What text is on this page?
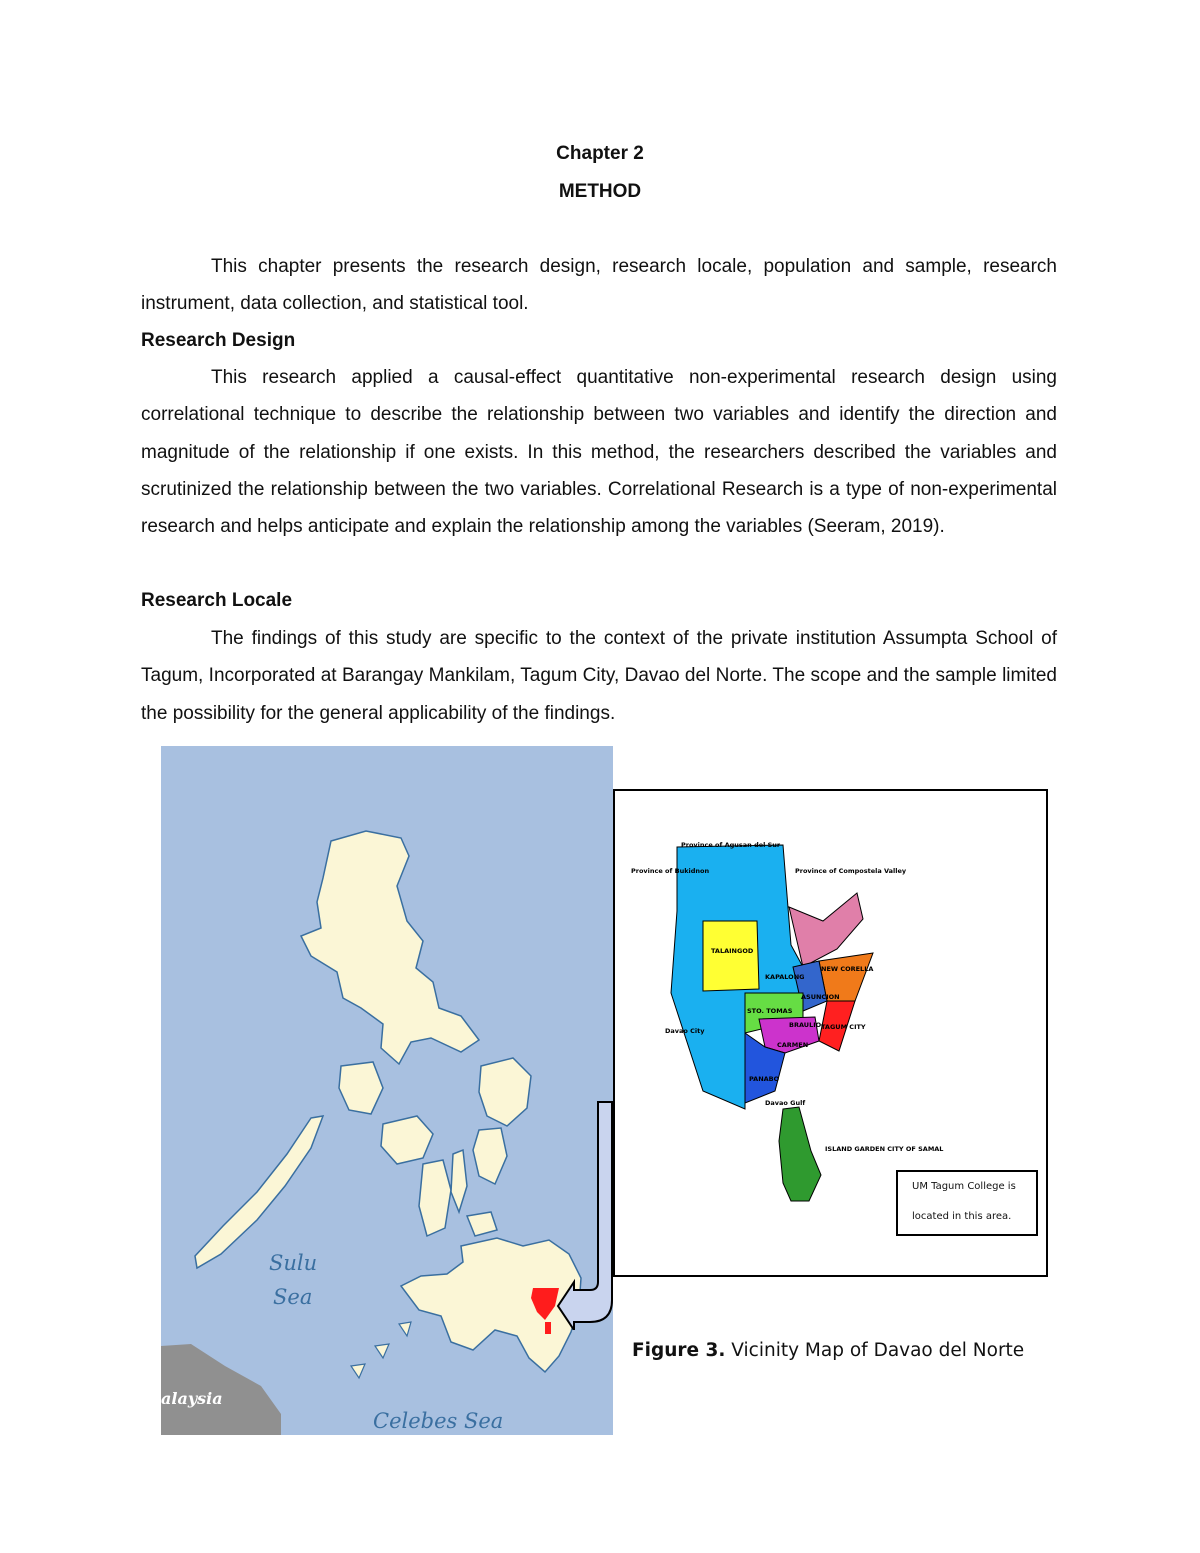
Chapter 2
METHOD

This chapter presents the research design, research locale, population and sample, research instrument, data collection, and statistical tool.

Research Design

This research applied a causal-effect quantitative non-experimental research design using correlational technique to describe the relationship between two variables and identify the direction and magnitude of the relationship if one exists. In this method, the researchers described the variables and scrutinized the relationship between the two variables. Correlational Research is a type of non-experimental research and helps anticipate and explain the relationship among the variables (Seeram, 2019).

Research Locale

The findings of this study are specific to the context of the private institution Assumpta School of Tagum, Incorporated at Barangay Mankilam, Tagum City, Davao del Norte. The scope and the sample limited the possibility for the general applicability of the findings.

Sulu
Sea
Celebes Sea
alaysia
Province of Agusan del Sur
Province of Bukidnon	Province of Compostela Valley
Davao City
Davao Gulf
TALAINGOD
KAPALONG
NEW CORELLA
ASUNCION
STO. TOMAS
BRAULIO
CARMEN
TAGUM CITY
PANABO
ISLAND GARDEN CITY OF SAMAL
UM Tagum College is
located in this area.
Figure 3. Vicinity Map of Davao del Norte
